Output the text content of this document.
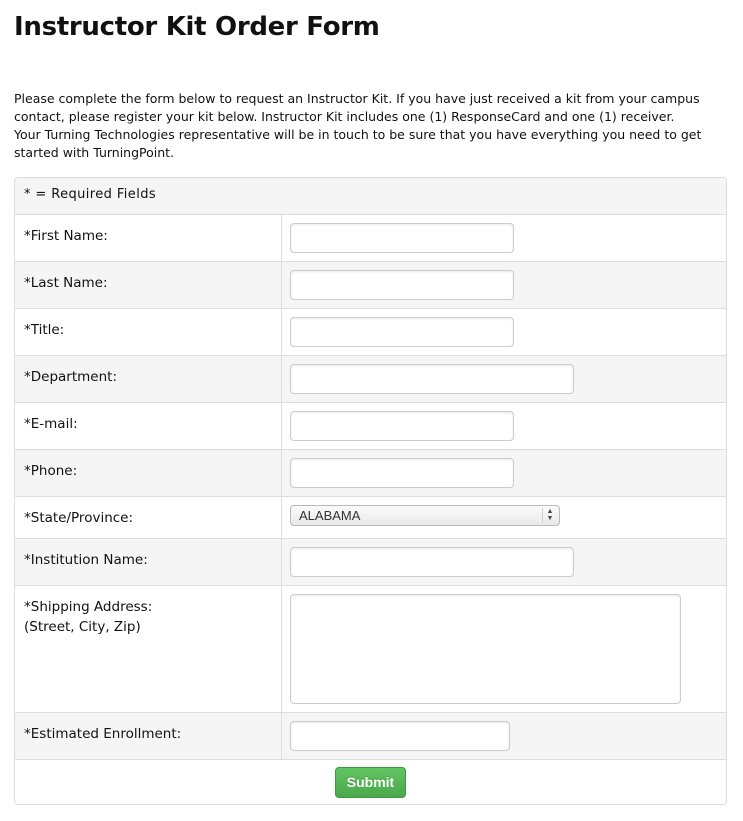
Instructor Kit Order Form

Please complete the form below to request an Instructor Kit. If you have just received a kit from your campus contact, please register your kit below. Instructor Kit includes one (1) ResponseCard and one (1) receiver. Your Turning Technologies representative will be in touch to be sure that you have everything you need to get started with TurningPoint.

* = Required Fields
*First Name:
*Last Name:
*Title:
*Department:
*E-mail:
*Phone:
*State/Province:	ALABAMA	▲
▼
*Institution Name:
*Shipping Address:
(Street, City, Zip)
*Estimated Enrollment:
Submit
